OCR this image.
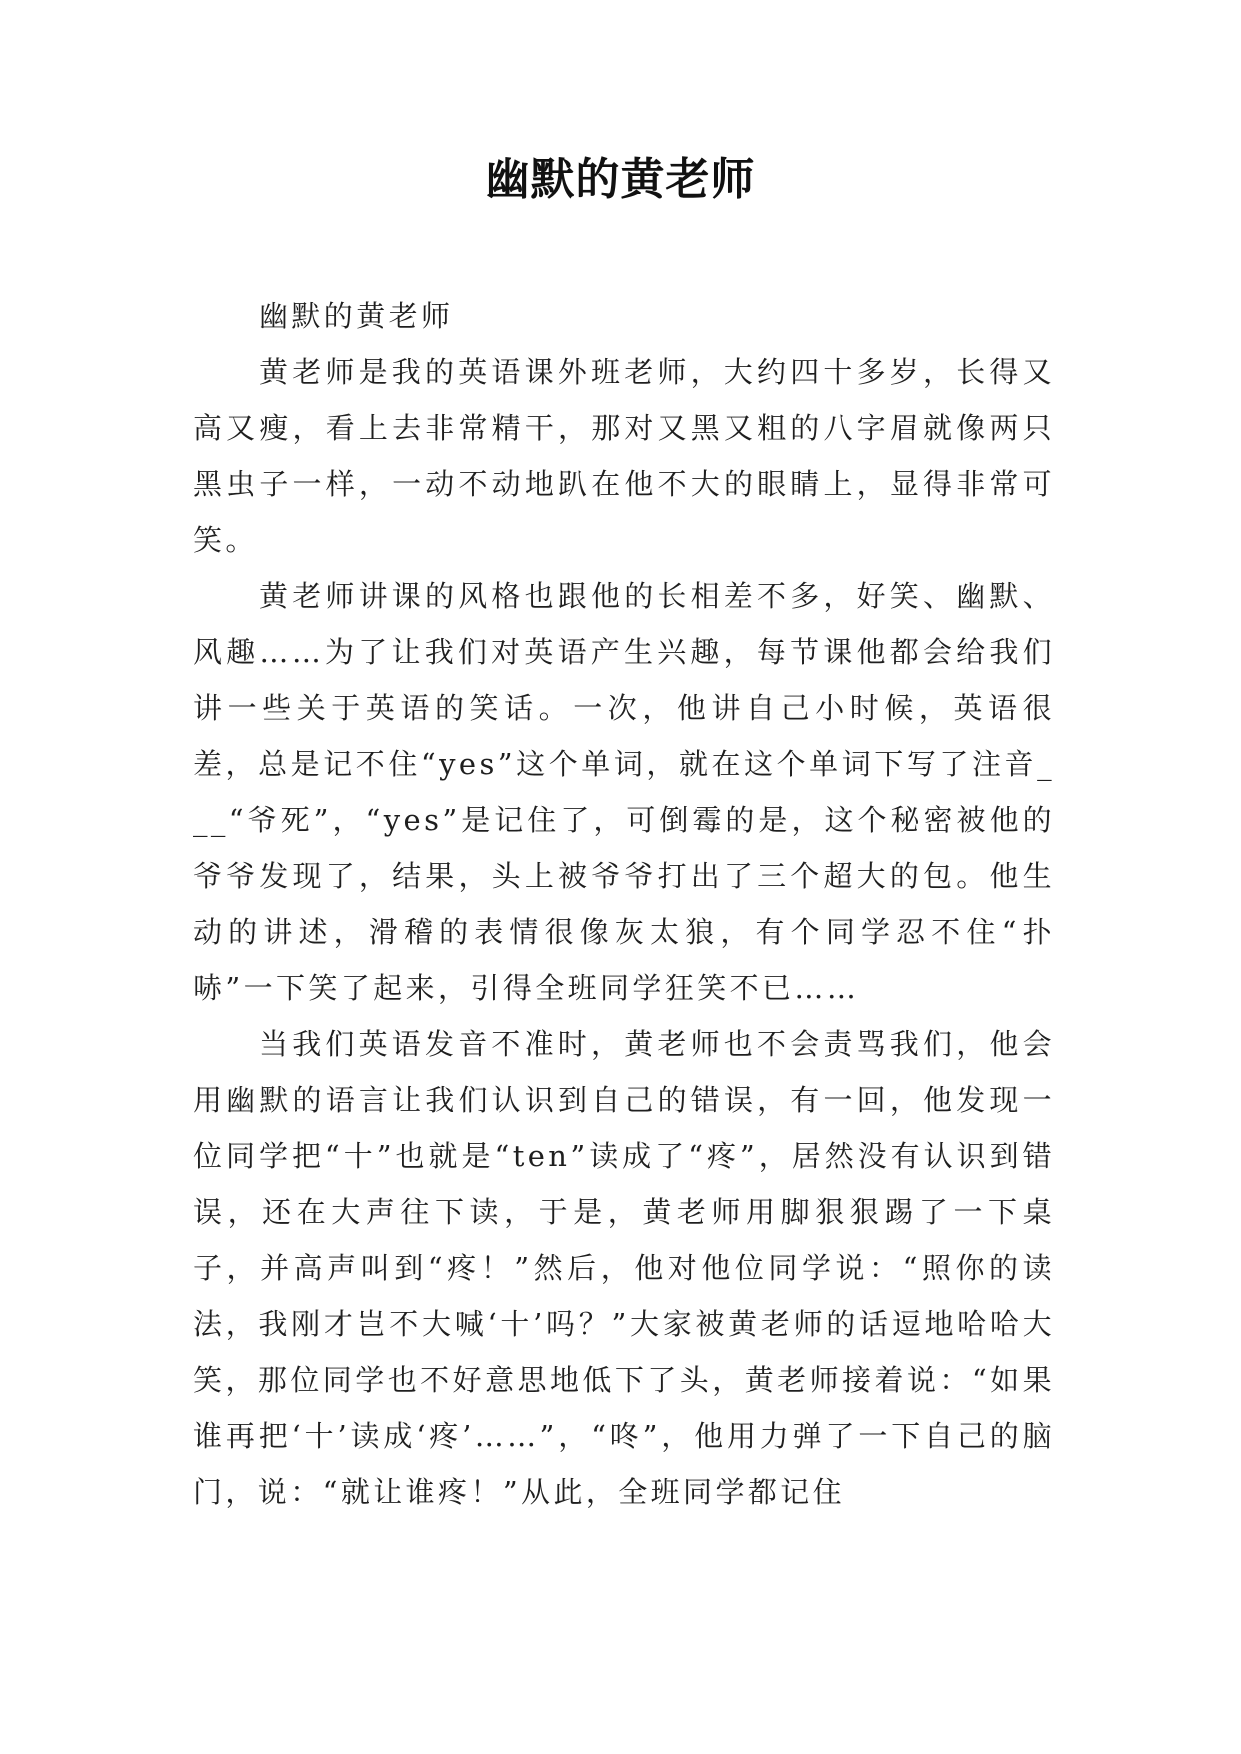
幽默的黄老师

幽默的黄老师

黄老师是我的英语课外班老师，大约四十多岁，长得又高又瘦，看上去非常精干，那对又黑又粗的八字眉就像两只黑虫子一样，一动不动地趴在他不大的眼睛上，显得非常可笑。

黄老师讲课的风格也跟他的长相差不多，好笑、幽默、风趣……为了让我们对英语产生兴趣，每节课他都会给我们讲一些关于英语的笑话。一次，他讲自己小时候，英语很差，总是记不住“yes”这个单词，就在这个单词下写了注音___“爷死”，“yes”是记住了，可倒霉的是，这个秘密被他的爷爷发现了，结果，头上被爷爷打出了三个超大的包。他生动的讲述，滑稽的表情很像灰太狼，有个同学忍不住“扑哧”一下笑了起来，引得全班同学狂笑不已……

当我们英语发音不准时，黄老师也不会责骂我们，他会用幽默的语言让我们认识到自己的错误，有一回，他发现一位同学把“十”也就是“ten”读成了“疼”，居然没有认识到错误，还在大声往下读，于是，黄老师用脚狠狠踢了一下桌子，并高声叫到“疼！”然后，他对他位同学说：“照你的读法，我刚才岂不大喊‘十’吗？”大家被黄老师的话逗地哈哈大笑，那位同学也不好意思地低下了头，黄老师接着说：“如果谁再把‘十’读成‘疼’……”，“咚”，他用力弹了一下自己的脑门，说：“就让谁疼！”从此，全班同学都记住
